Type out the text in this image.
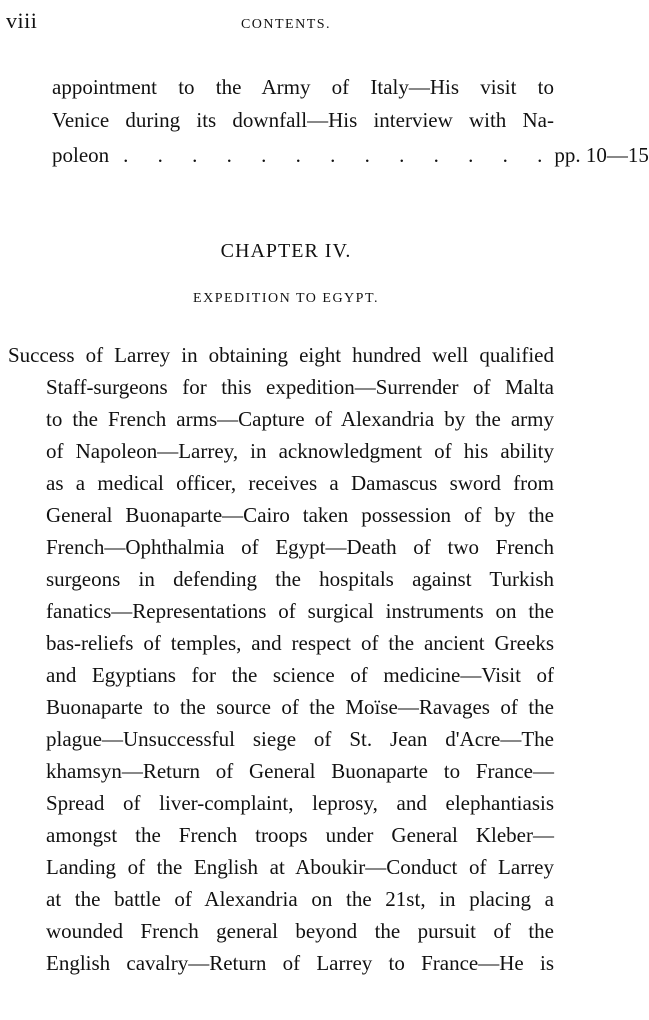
viii	CONTENTS.
appointment to the Army of Italy—His visit to
Venice during its downfall—His interview with Na-
poleon . . . . . . . . . . . . . pp. 10—15
CHAPTER IV.
EXPEDITION TO EGYPT.
Success of Larrey in obtaining eight hundred well qualified
Staff-surgeons for this expedition—Surrender of Malta
to the French arms—Capture of Alexandria by the army
of Napoleon—Larrey, in acknowledgment of his ability
as a medical officer, receives a Damascus sword from
General Buonaparte—Cairo taken possession of by the
French—Ophthalmia of Egypt—Death of two French
surgeons in defending the hospitals against Turkish
fanatics—Representations of surgical instruments on the
bas-reliefs of temples, and respect of the ancient Greeks
and Egyptians for the science of medicine—Visit of
Buonaparte to the source of the Moïse—Ravages of the
plague—Unsuccessful siege of St. Jean d'Acre—The
khamsyn—Return of General Buonaparte to France—
Spread of liver-complaint, leprosy, and elephantiasis
amongst the French troops under General Kleber—
Landing of the English at Aboukir—Conduct of Larrey
at the battle of Alexandria on the 21st, in placing a
wounded French general beyond the pursuit of the
English cavalry—Return of Larrey to France—He is
